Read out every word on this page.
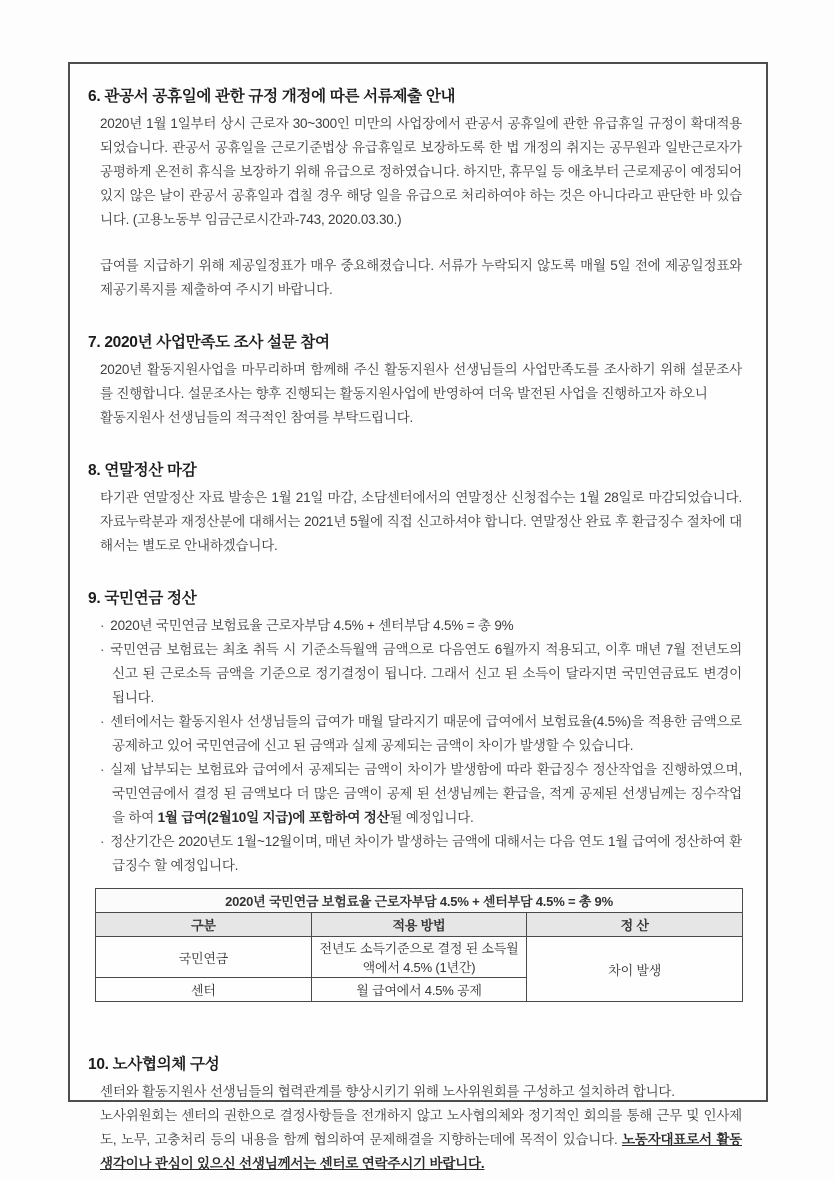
6. 관공서 공휴일에 관한 규정 개정에 따른 서류제출 안내

2020년 1월 1일부터 상시 근로자 30~300인 미만의 사업장에서 관공서 공휴일에 관한 유급휴일 규정이 확대적용 되었습니다. 관공서 공휴일을 근로기준법상 유급휴일로 보장하도록 한 법 개정의 취지는 공무원과 일반근로자가 공평하게 온전히 휴식을 보장하기 위해 유급으로 정하였습니다. 하지만, 휴무일 등 애초부터 근로제공이 예정되어 있지 않은 날이 관공서 공휴일과 겹칠 경우 해당 일을 유급으로 처리하여야 하는 것은 아니다라고 판단한 바 있습니다. (고용노동부 임금근로시간과-743, 2020.03.30.)

급여를 지급하기 위해 제공일정표가 매우 중요해졌습니다. 서류가 누락되지 않도록 매월 5일 전에 제공일정표와 제공기록지를 제출하여 주시기 바랍니다.

7. 2020년 사업만족도 조사 설문 참여

2020년 활동지원사업을 마무리하며 함께해 주신 활동지원사 선생님들의 사업만족도를 조사하기 위해 설문조사를 진행합니다. 설문조사는 향후 진행되는 활동지원사업에 반영하여 더욱 발전된 사업을 진행하고자 하오니

활동지원사 선생님들의 적극적인 참여를 부탁드립니다.

8. 연말정산 마감

타기관 연말정산 자료 발송은 1월 21일 마감, 소담센터에서의 연말정산 신청접수는 1월 28일로 마감되었습니다. 자료누락분과 재정산분에 대해서는 2021년 5월에 직접 신고하셔야 합니다. 연말정산 완료 후 환급징수 절차에 대해서는 별도로 안내하겠습니다.

9. 국민연금 정산

· 2020년 국민연금 보험료율 근로자부담 4.5% + 센터부담 4.5% = 총 9%

· 국민연금 보험료는 최초 취득 시 기준소득월액 금액으로 다음연도 6월까지 적용되고, 이후 매년 7월 전년도의 신고 된 근로소득 금액을 기준으로 정기결정이 됩니다. 그래서 신고 된 소득이 달라지면 국민연금료도 변경이 됩니다.

· 센터에서는 활동지원사 선생님들의 급여가 매월 달라지기 때문에 급여에서 보험료율(4.5%)을 적용한 금액으로 공제하고 있어 국민연금에 신고 된 금액과 실제 공제되는 금액이 차이가 발생할 수 있습니다.

· 실제 납부되는 보험료와 급여에서 공제되는 금액이 차이가 발생함에 따라 환급징수 정산작업을 진행하였으며, 국민연금에서 결정 된 금액보다 더 많은 금액이 공제 된 선생님께는 환급을, 적게 공제된 선생님께는 징수작업을 하여 1월 급여(2월10일 지급)에 포함하여 정산될 예정입니다.

· 정산기간은 2020년도 1월~12월이며, 매년 차이가 발생하는 금액에 대해서는 다음 연도 1월 급여에 정산하여 환급징수 할 예정입니다.

2020년 국민연금 보험료율 근로자부담 4.5% + 센터부담 4.5% = 총 9%		
구분	적용 방법	정 산
국민연금	전년도 소득기준으로 결정 된 소득월액에서 4.5% (1년간)	차이 발생
센터	월 급여에서 4.5% 공제	
10. 노사협의체 구성

센터와 활동지원사 선생님들의 협력관계를 향상시키기 위해 노사위원회를 구성하고 설치하려 합니다.

노사위원회는 센터의 권한으로 결정사항들을 전개하지 않고 노사협의체와 정기적인 회의를 통해 근무 및 인사제도, 노무, 고충처리 등의 내용을 함께 협의하여 문제해결을 지향하는데에 목적이 있습니다. 노동자대표로서 활동 생각이나 관심이 있으신 선생님께서는 센터로 연락주시기 바랍니다.
